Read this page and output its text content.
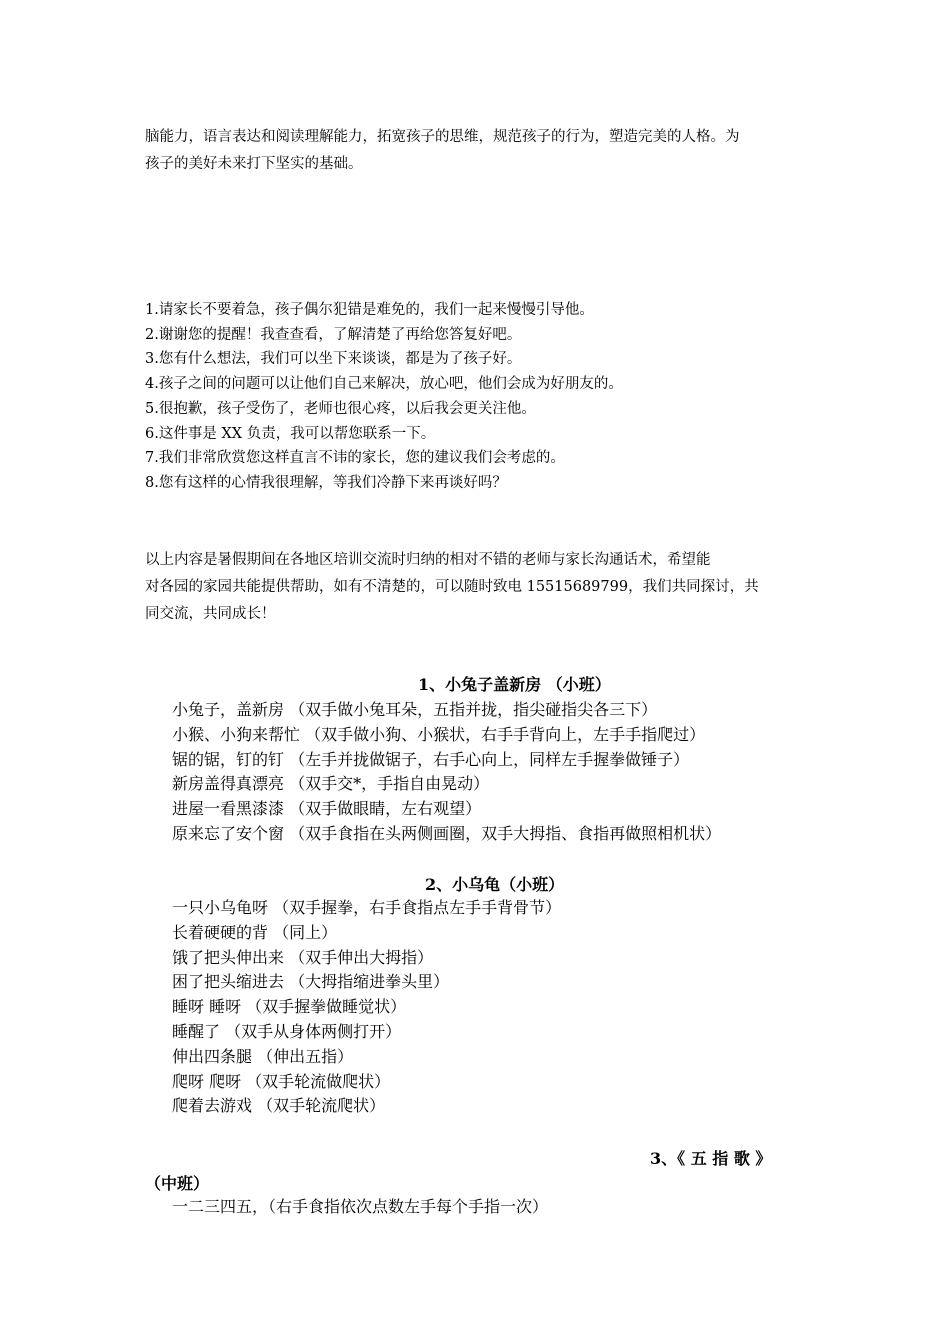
脑能力，语言表达和阅读理解能力，拓宽孩子的思维，规范孩子的行为，塑造完美的人格。为

孩子的美好未来打下坚实的基础。

1.请家长不要着急，孩子偶尔犯错是难免的，我们一起来慢慢引导他。

2.谢谢您的提醒！我查查看，了解清楚了再给您答复好吧。

3.您有什么想法，我们可以坐下来谈谈，都是为了孩子好。

4.孩子之间的问题可以让他们自己来解决，放心吧，他们会成为好朋友的。

5.很抱歉，孩子受伤了，老师也很心疼，以后我会更关注他。

6.这件事是 XX 负责，我可以帮您联系一下。

7.我们非常欣赏您这样直言不讳的家长，您的建议我们会考虑的。

8.您有这样的心情我很理解，等我们冷静下来再谈好吗？

以上内容是暑假期间在各地区培训交流时归纳的相对不错的老师与家长沟通话术，希望能

对各园的家园共能提供帮助，如有不清楚的，可以随时致电 15515689799，我们共同探讨，共

同交流，共同成长！

1、小兔子盖新房 （小班）

小兔子，盖新房 （双手做小兔耳朵，五指并拢，指尖碰指尖各三下）

小猴、小狗来帮忙 （双手做小狗、小猴状，右手手背向上，左手手指爬过）

锯的锯，钉的钉 （左手并拢做锯子，右手心向上，同样左手握拳做锤子）

新房盖得真漂亮 （双手交*，手指自由晃动）

进屋一看黑漆漆 （双手做眼睛，左右观望）

原来忘了安个窗 （双手食指在头两侧画圈，双手大拇指、食指再做照相机状）

2、小乌龟（小班）

一只小乌龟呀 （双手握拳，右手食指点左手手背骨节）

长着硬硬的背 （同上）

饿了把头伸出来 （双手伸出大拇指）

困了把头缩进去 （大拇指缩进拳头里）

睡呀 睡呀 （双手握拳做睡觉状）

睡醒了 （双手从身体两侧打开）

伸出四条腿 （伸出五指）

爬呀 爬呀 （双手轮流做爬状）

爬着去游戏 （双手轮流爬状）

3、《 五 指 歌 》
（中班）

一二三四五，（右手食指依次点数左手每个手指一次）
